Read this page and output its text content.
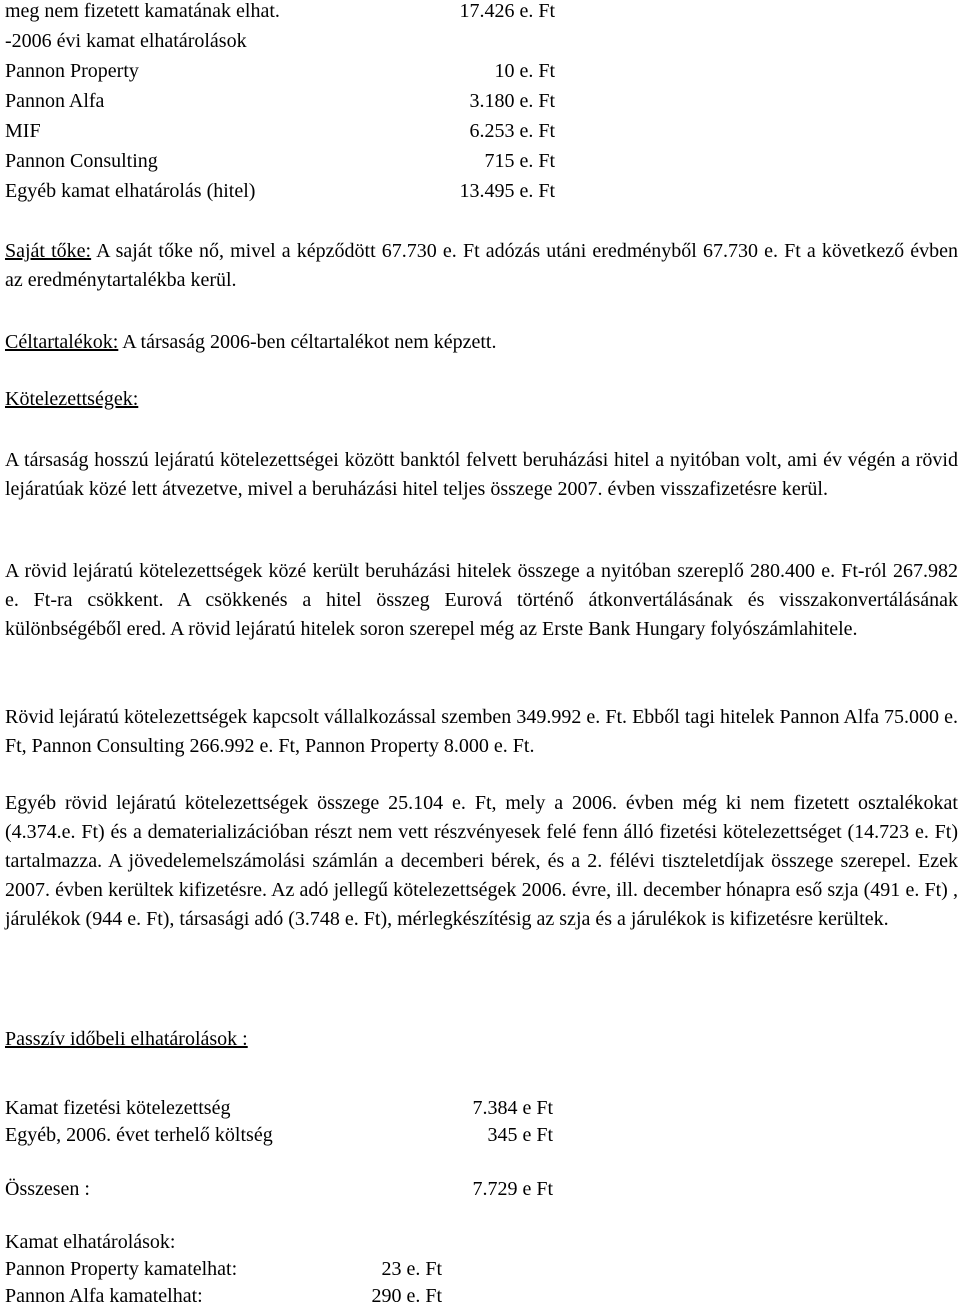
meg nem fizetett kamatának elhat.	17.426 e. Ft
-2006 évi kamat elhatárolások
Pannon Property	10 e. Ft
Pannon Alfa	3.180 e. Ft
MIF	6.253 e. Ft
Pannon Consulting	715 e. Ft
Egyéb kamat elhatárolás (hitel)	13.495 e. Ft
Saját tőke: A saját tőke nő, mivel a képződött 67.730 e. Ft adózás utáni eredményből 67.730 e. Ft a következő évben az eredménytartalékba kerül.
Céltartalékok: A társaság 2006-ben céltartalékot nem képzett.
Kötelezettségek:
A társaság hosszú lejáratú kötelezettségei között banktól felvett beruházási hitel a nyitóban volt, ami év végén a rövid lejáratúak közé lett átvezetve, mivel a beruházási hitel teljes összege 2007. évben visszafizetésre kerül.
A rövid lejáratú kötelezettségek közé került beruházási hitelek összege a nyitóban szereplő 280.400 e. Ft-ról 267.982 e. Ft-ra csökkent. A csökkenés a hitel összeg Eurová történő átkonvertálásának és visszakonvertálásának különbségéből ered. A rövid lejáratú hitelek soron szerepel még az Erste Bank Hungary folyószámlahitele.
Rövid lejáratú kötelezettségek kapcsolt vállalkozással szemben 349.992 e. Ft. Ebből tagi hitelek Pannon Alfa 75.000 e. Ft, Pannon Consulting 266.992 e. Ft, Pannon Property 8.000 e. Ft.
Egyéb rövid lejáratú kötelezettségek összege 25.104 e. Ft, mely a 2006. évben még ki nem fizetett osztalékokat (4.374.e. Ft) és a dematerializációban részt nem vett részvényesek felé fenn álló fizetési kötelezettséget (14.723 e. Ft) tartalmazza. A jövedelemelszámolási számlán a decemberi bérek, és a 2. félévi tiszteletdíjak összege szerepel. Ezek 2007. évben kerültek kifizetésre. Az adó jellegű kötelezettségek 2006. évre, ill. december hónapra eső szja (491 e. Ft) , járulékok (944 e. Ft), társasági adó (3.748 e. Ft), mérlegkészítésig az szja és a járulékok is kifizetésre kerültek.
Passzív időbeli elhatárolások :
Kamat fizetési kötelezettség	7.384 e Ft
Egyéb, 2006. évet terhelő költség	345 e Ft
Összesen :	7.729 e Ft
Kamat elhatárolások:
Pannon Property kamatelhat:	23 e. Ft
Pannon Alfa kamatelhat:	290 e. Ft
